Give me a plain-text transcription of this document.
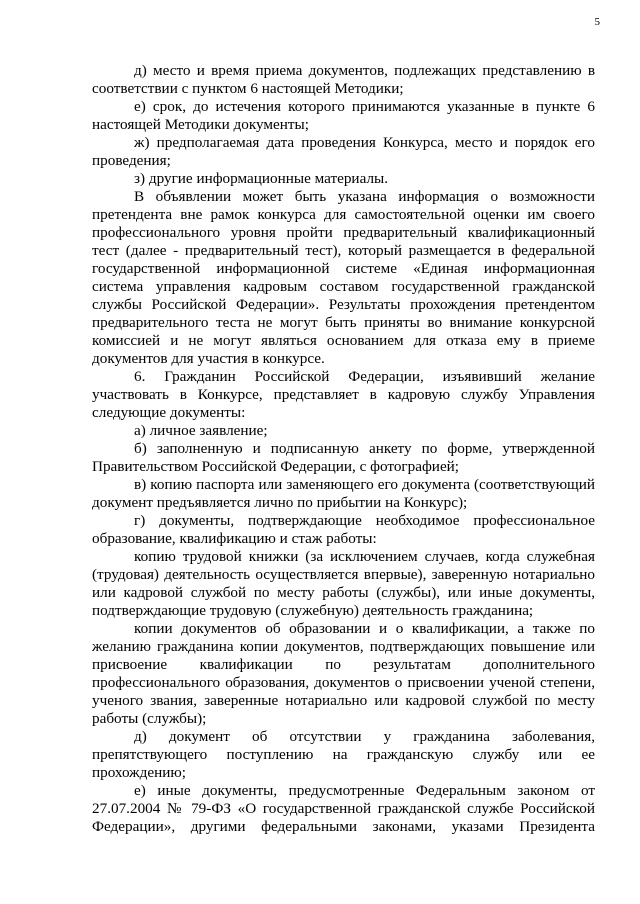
5

д) место и время приема документов, подлежащих представлению в соответствии с пунктом 6 настоящей Методики;

е) срок, до истечения которого принимаются указанные в пункте 6 настоящей Методики документы;

ж) предполагаемая дата проведения Конкурса, место и порядок его проведения;

з) другие информационные материалы.

В объявлении может быть указана информация о возможности претендента вне рамок конкурса для самостоятельной оценки им своего профессионального уровня пройти предварительный квалификационный тест (далее - предварительный тест), который размещается в федеральной государственной информационной системе «Единая информационная система управления кадровым составом государственной гражданской службы Российской Федерации». Результаты прохождения претендентом предварительного теста не могут быть приняты во внимание конкурсной комиссией и не могут являться основанием для отказа ему в приеме документов для участия в конкурсе.

6. Гражданин Российской Федерации, изъявивший желание участвовать в Конкурсе, представляет в кадровую службу Управления следующие документы:

а) личное заявление;

б) заполненную и подписанную анкету по форме, утвержденной Правительством Российской Федерации, с фотографией;

в) копию паспорта или заменяющего его документа (соответствующий документ предъявляется лично по прибытии на Конкурс);

г) документы, подтверждающие необходимое профессиональное образование, квалификацию и стаж работы:

копию трудовой книжки (за исключением случаев, когда служебная (трудовая) деятельность осуществляется впервые), заверенную нотариально или кадровой службой по месту работы (службы), или иные документы, подтверждающие трудовую (служебную) деятельность гражданина;

копии документов об образовании и о квалификации, а также по желанию гражданина копии документов, подтверждающих повышение или присвоение квалификации по результатам дополнительного профессионального образования, документов о присвоении ученой степени, ученого звания, заверенные нотариально или кадровой службой по месту работы (службы);

д) документ об отсутствии у гражданина заболевания, препятствующего поступлению на гражданскую службу или ее прохождению;

е) иные документы, предусмотренные Федеральным законом от 27.07.2004 № 79-ФЗ «О государственной гражданской службе Российской Федерации», другими федеральными законами, указами Президента
